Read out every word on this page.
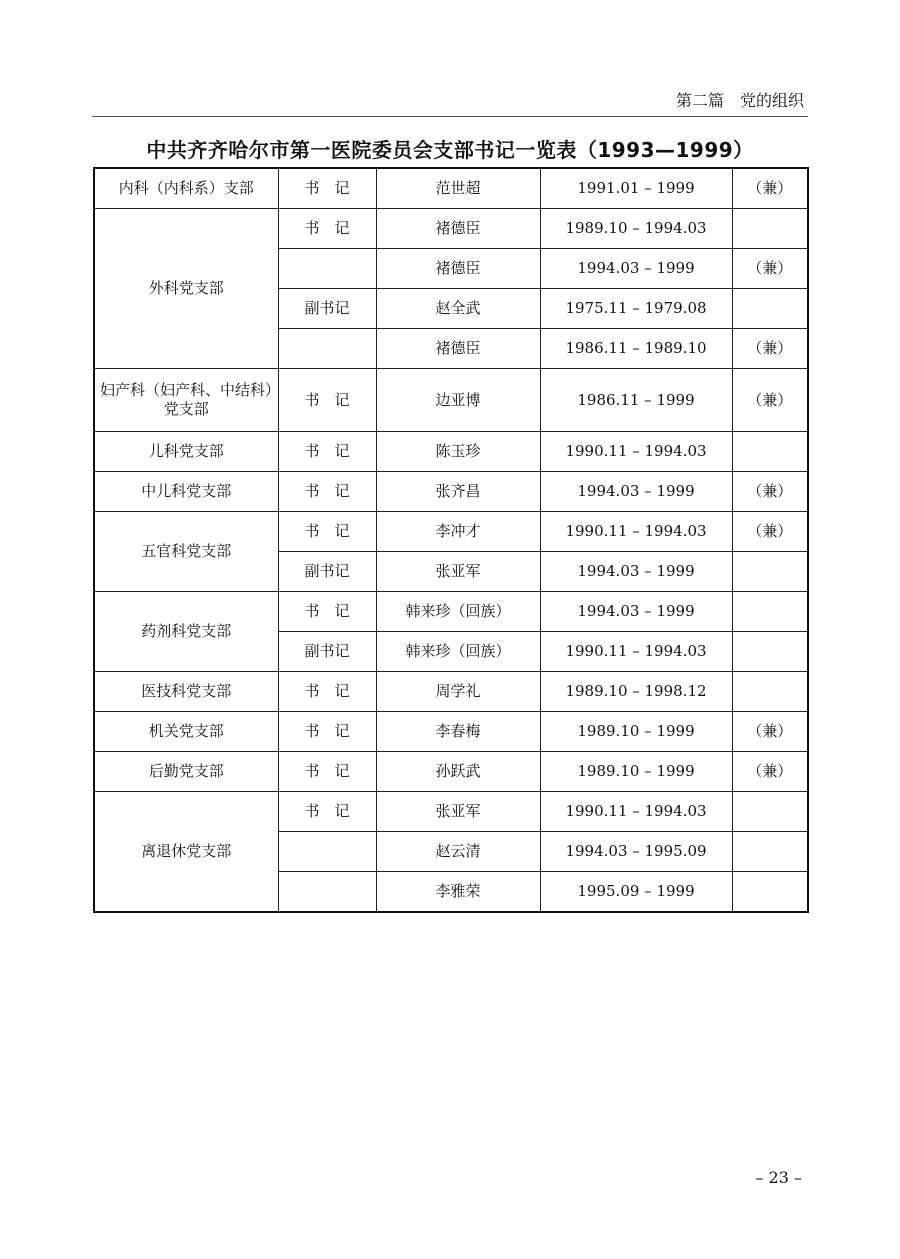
第二篇　党的组织
中共齐齐哈尔市第一医院委员会支部书记一览表（1993—1999）
内科（内科系）支部	书　记	范世超	1991.01 – 1999	（兼）
外科党支部	书　记	褚德臣	1989.10 – 1994.03	
		褚德臣	1994.03 – 1999	（兼）
	副书记	赵全武	1975.11 – 1979.08	
		褚德臣	1986.11 – 1989.10	（兼）
妇产科（妇产科、中结科）党支部	书　记	边亚博	1986.11 – 1999	（兼）
儿科党支部	书　记	陈玉珍	1990.11 – 1994.03	
中儿科党支部	书　记	张齐昌	1994.03 – 1999	（兼）
五官科党支部	书　记	李冲才	1990.11 – 1994.03	（兼）
	副书记	张亚军	1994.03 – 1999	
药剂科党支部	书　记	韩来珍（回族）	1994.03 – 1999	
	副书记	韩来珍（回族）	1990.11 – 1994.03	
医技科党支部	书　记	周学礼	1989.10 – 1998.12	
机关党支部	书　记	李春梅	1989.10 – 1999	（兼）
后勤党支部	书　记	孙跃武	1989.10 – 1999	（兼）
离退休党支部	书　记	张亚军	1990.11 – 1994.03	
		赵云清	1994.03 – 1995.09	
		李雅荣	1995.09 – 1999	
– 23 –
